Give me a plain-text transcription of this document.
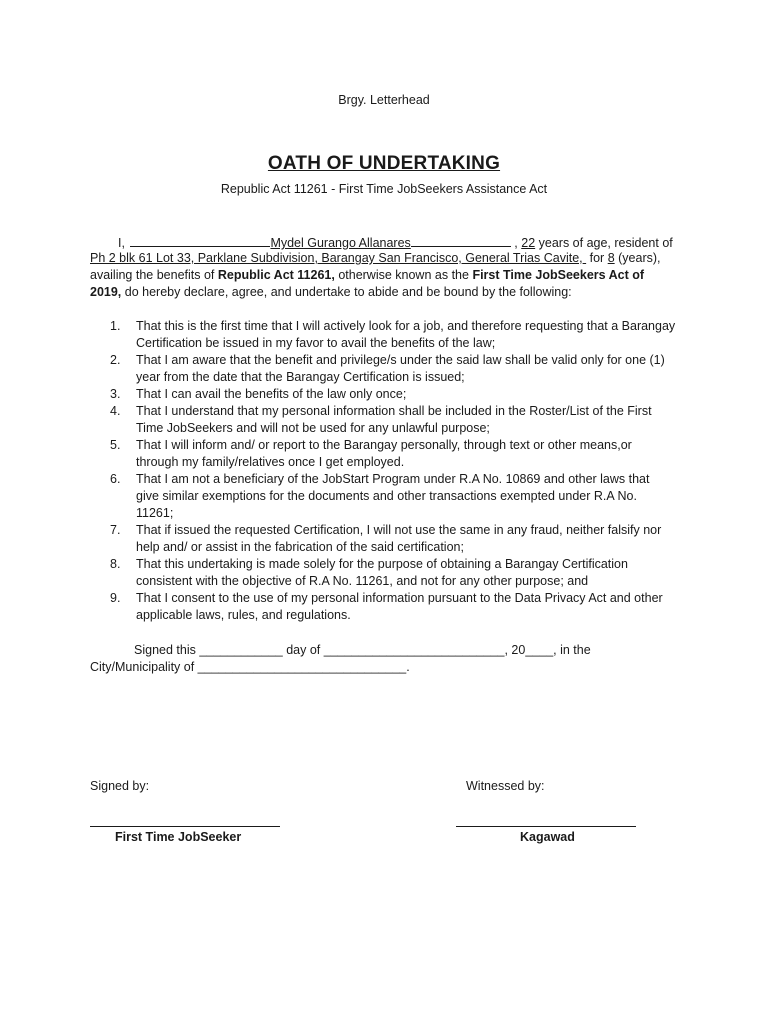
Brgy. Letterhead
OATH OF UNDERTAKING
Republic Act 11261 - First Time JobSeekers Assistance Act
I,	Mydel Gurango Allanares	, 22 years of age, resident of
Ph 2 blk 61 Lot 33, Parklane Subdivision, Barangay San Francisco, General Trias Cavite, for 8 (years),
availing the benefits of Republic Act 11261, otherwise known as the First Time JobSeekers Act of
2019, do hereby declare, agree, and undertake to abide and be bound by the following:
1. That this is the first time that I will actively look for a job, and therefore requesting that a Barangay
Certification be issued in my favor to avail the benefits of the law;
2. That I am aware that the benefit and privilege/s under the said law shall be valid only for one (1)
year from the date that the Barangay Certification is issued;
3. That I can avail the benefits of the law only once;
4. That I understand that my personal information shall be included in the Roster/List of the First
Time JobSeekers and will not be used for any unlawful purpose;
5. That I will inform and/ or report to the Barangay personally, through text or other means,or
through my family/relatives once I get employed.
6. That I am not a beneficiary of the JobStart Program under R.A No. 10869 and other laws that
give similar exemptions for the documents and other transactions exempted under R.A No.
11261;
7. That if issued the requested Certification, I will not use the same in any fraud, neither falsify nor
help and/ or assist in the fabrication of the said certification;
8. That this undertaking is made solely for the purpose of obtaining a Barangay Certification
consistent with the objective of R.A No. 11261, and not for any other purpose; and
9. That I consent to the use of my personal information pursuant to the Data Privacy Act and other
applicable laws, rules, and regulations.
Signed this ____________ day of __________________________, 20____, in the
City/Municipality of ______________________________.
Signed by:	Witnessed by:
First Time JobSeeker	Kagawad
